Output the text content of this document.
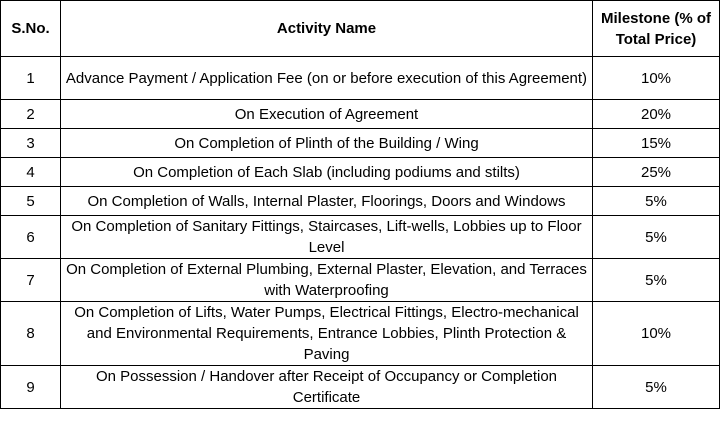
S.No.	Activity Name	Milestone (% of Total Price)
1	Advance Payment / Application Fee (on or before execution of this Agreement)	10%
2	On Execution of Agreement	20%
3	On Completion of Plinth of the Building / Wing	15%
4	On Completion of Each Slab (including podiums and stilts)	25%
5	On Completion of Walls, Internal Plaster, Floorings, Doors and Windows	5%
6	On Completion of Sanitary Fittings, Staircases, Lift-wells, Lobbies up to Floor Level	5%
7	On Completion of External Plumbing, External Plaster, Elevation, and Terraces with Waterproofing	5%
8	On Completion of Lifts, Water Pumps, Electrical Fittings, Electro-mechanical and Environmental Requirements, Entrance Lobbies, Plinth Protection & Paving	10%
9	On Possession / Handover after Receipt of Occupancy or Completion Certificate	5%
